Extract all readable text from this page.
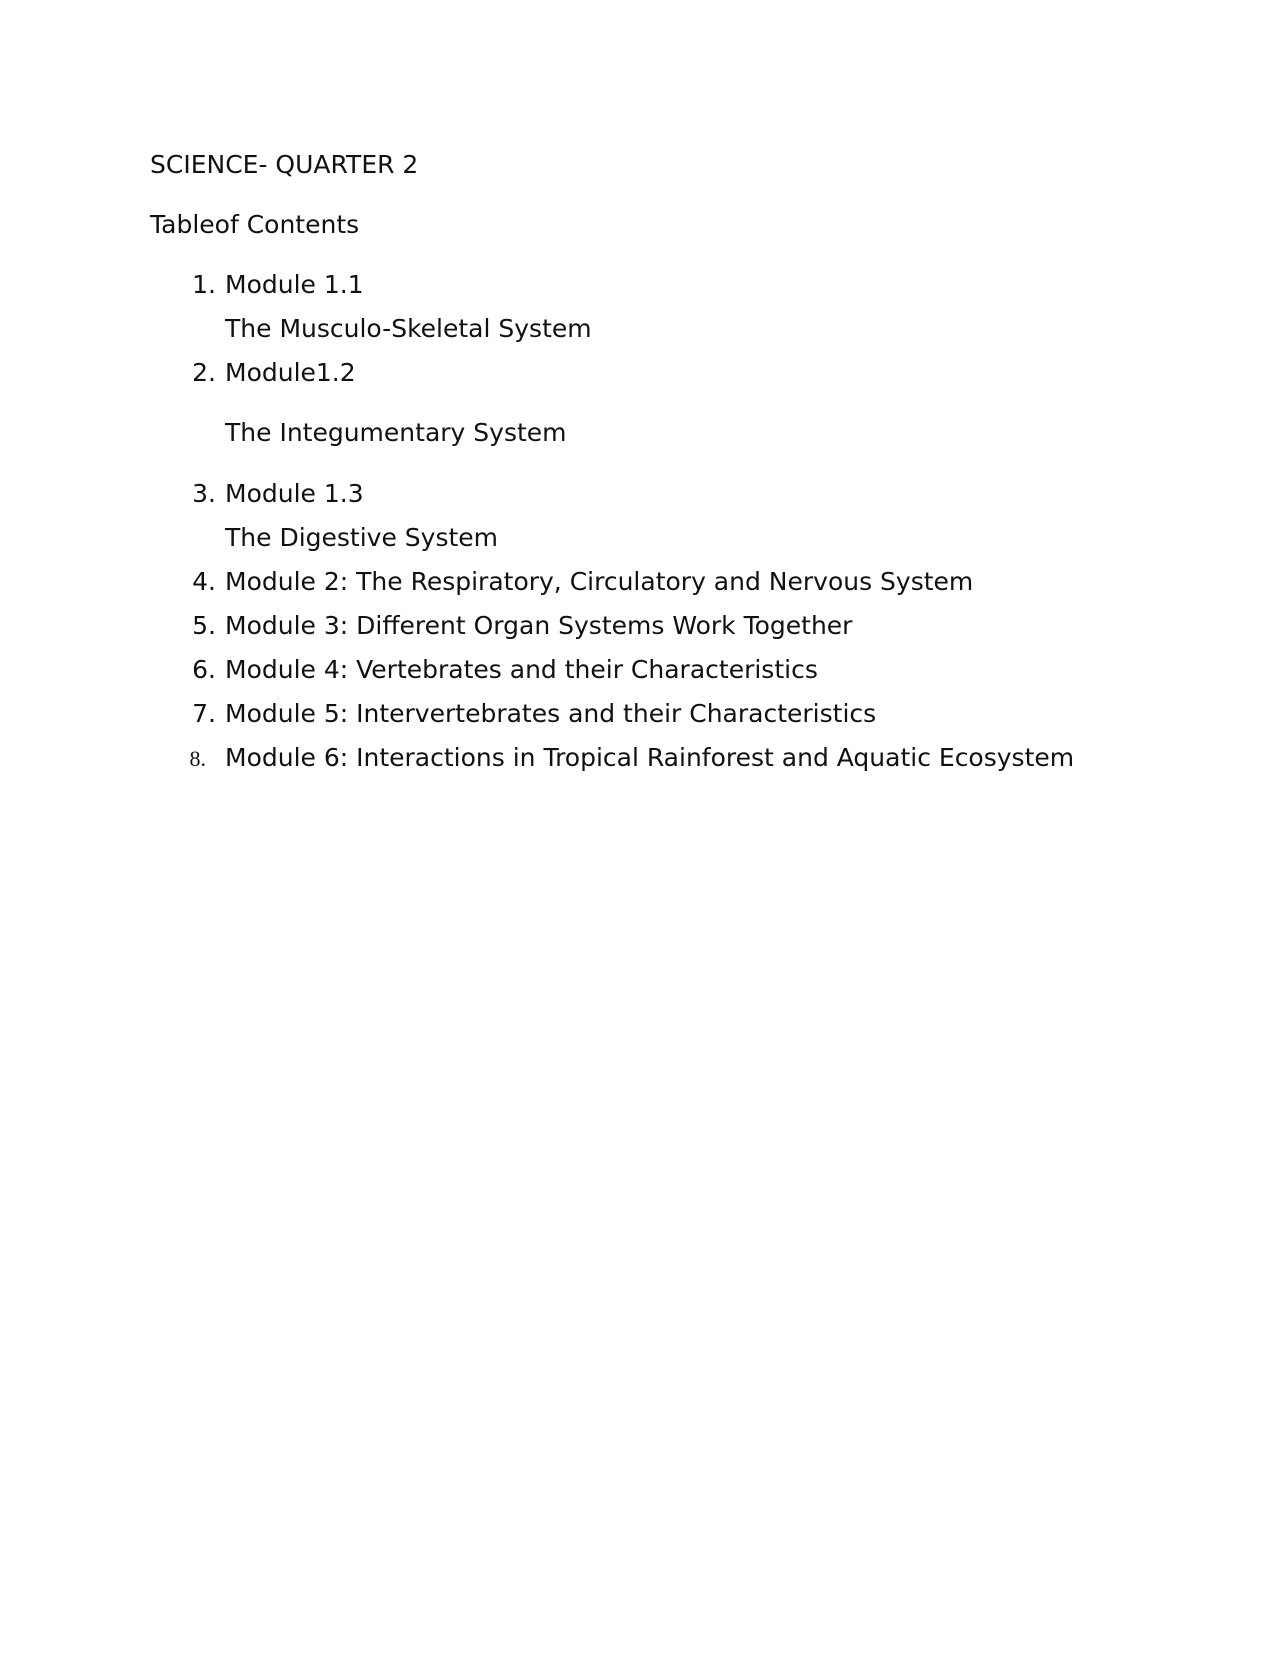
SCIENCE- QUARTER 2
Tableof Contents
1. Module 1.1
The Musculo-Skeletal System
2. Module1.2
The Integumentary System
3. Module 1.3
The Digestive System
4. Module 2: The Respiratory, Circulatory and Nervous System
5. Module 3: Different Organ Systems Work Together
6. Module 4: Vertebrates and their Characteristics
7. Module 5: Intervertebrates and their Characteristics
8. Module 6: Interactions in Tropical Rainforest and Aquatic Ecosystem
